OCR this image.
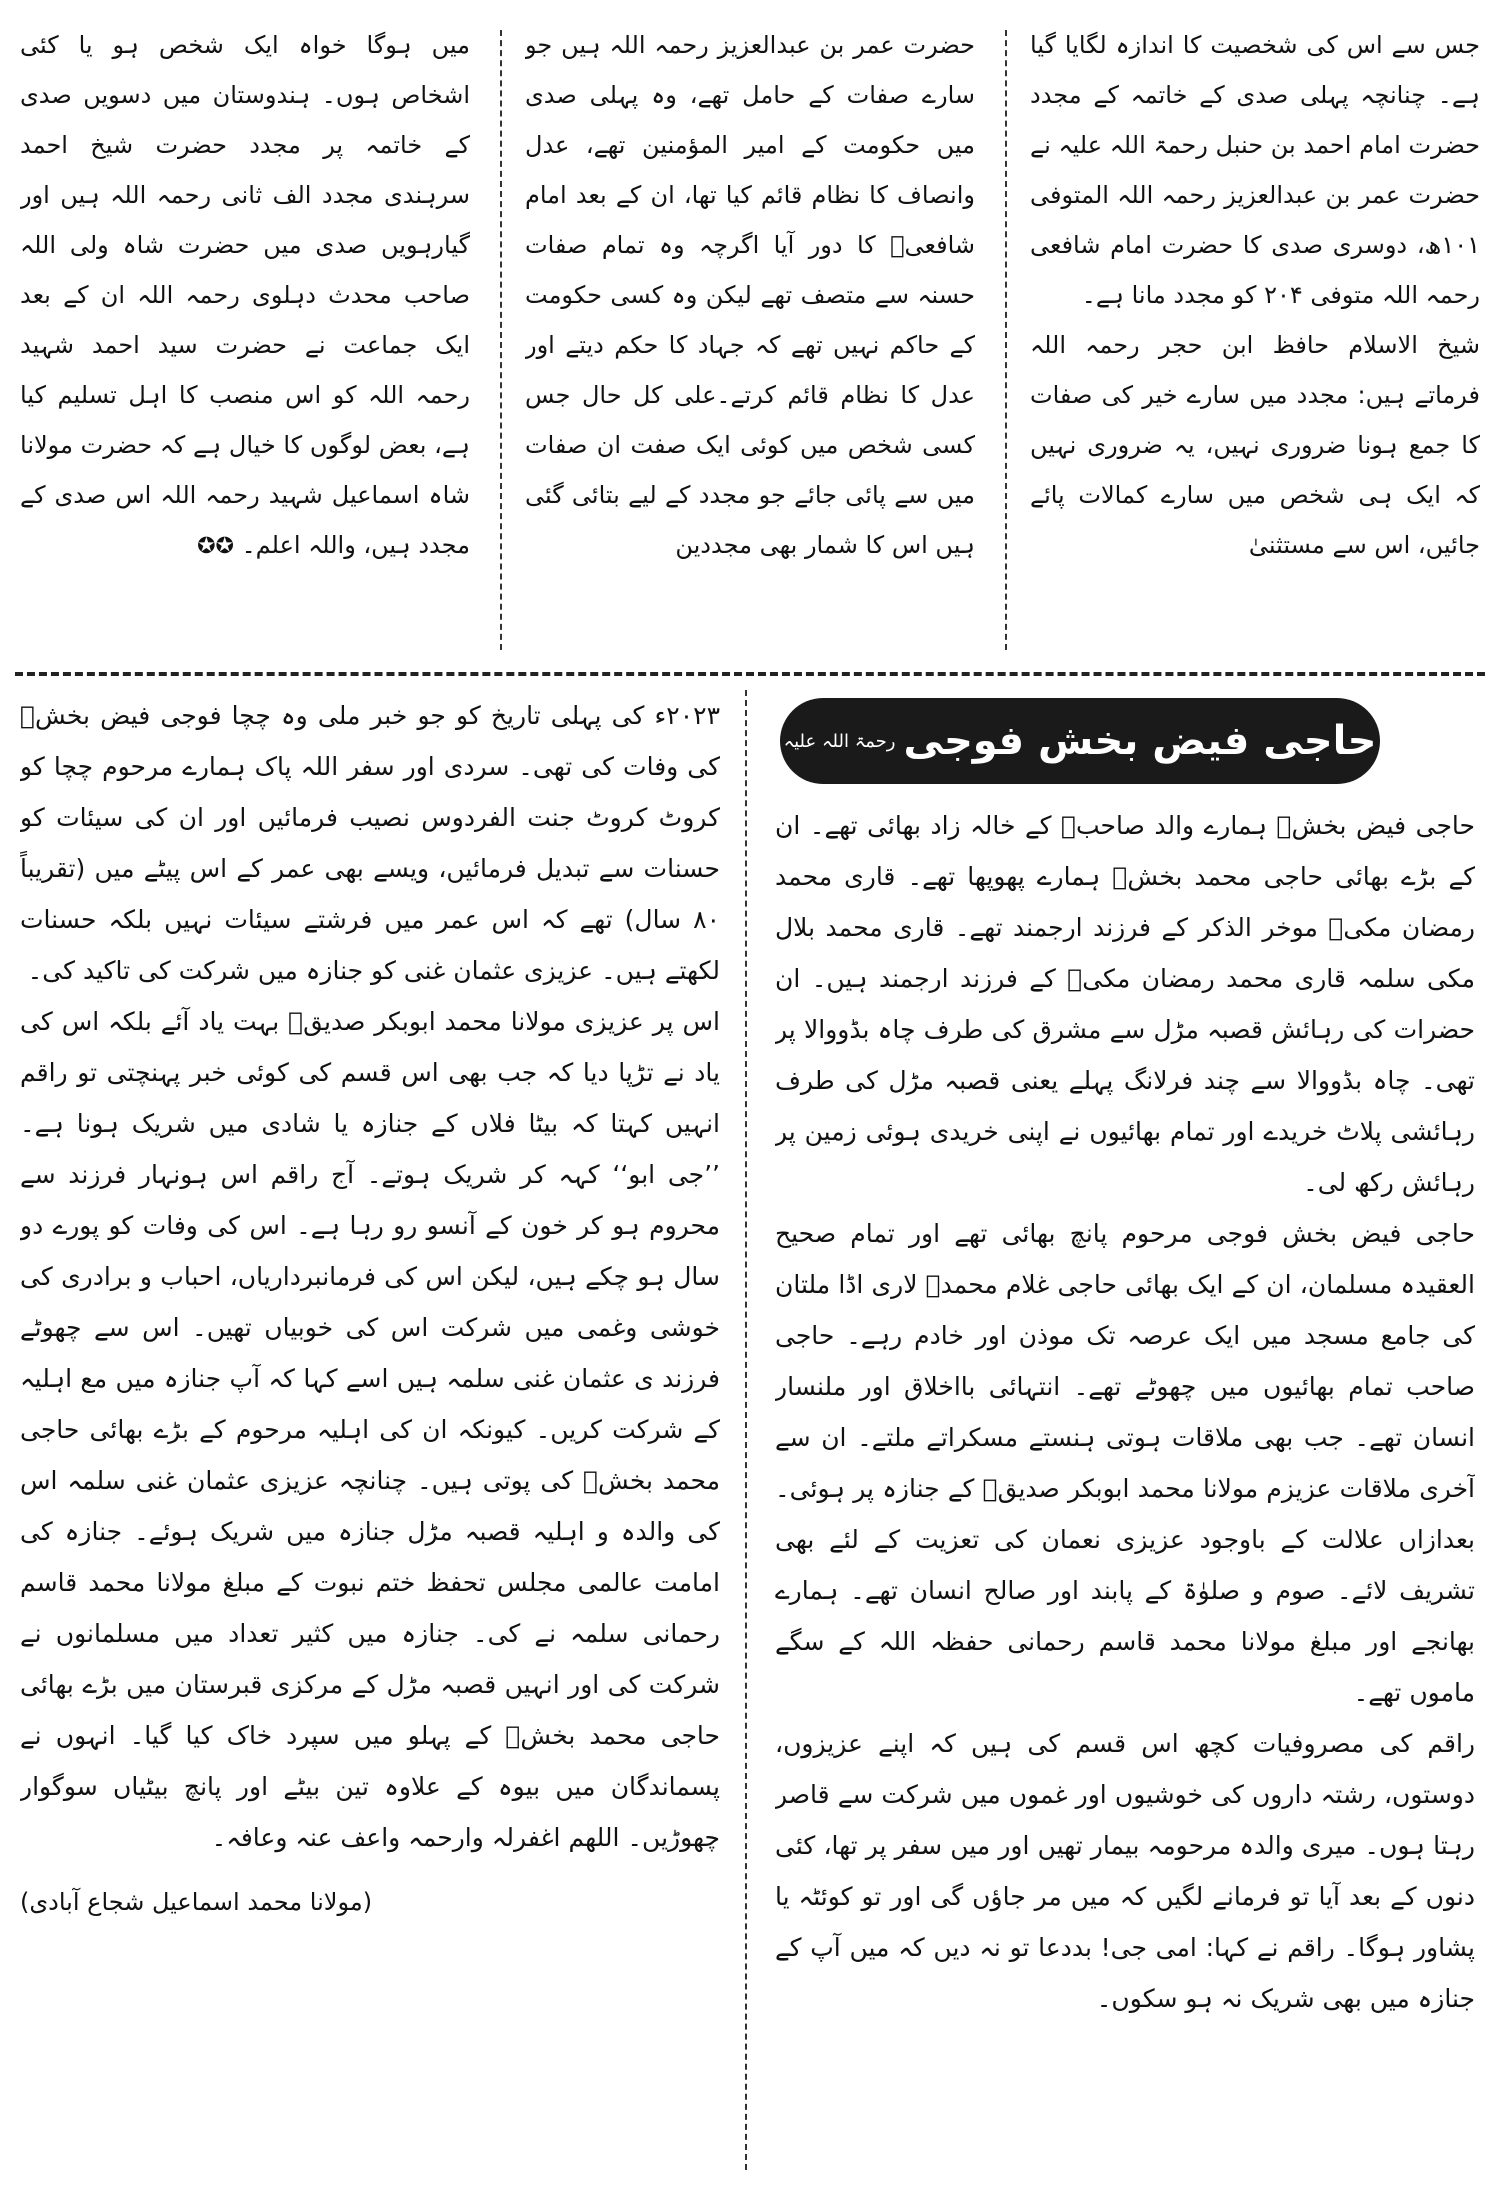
جس سے اس کی شخصیت کا اندازہ لگایا گیا ہے۔ چنانچہ پہلی صدی کے خاتمہ کے مجدد حضرت امام احمد بن حنبل رحمۃ اللہ علیہ نے حضرت عمر بن عبدالعزیز رحمہ اللہ المتوفی ۱۰۱ھ، دوسری صدی کا حضرت امام شافعی رحمہ اللہ متوفی ۲۰۴ کو مجدد مانا ہے۔

شیخ الاسلام حافظ ابن حجر رحمہ اللہ فرماتے ہیں: مجدد میں سارے خیر کی صفات کا جمع ہونا ضروری نہیں، یہ ضروری نہیں کہ ایک ہی شخص میں سارے کمالات پائے جائیں، اس سے مستثنیٰ

حضرت عمر بن عبدالعزیز رحمہ اللہ ہیں جو سارے صفات کے حامل تھے، وہ پہلی صدی میں حکومت کے امیر المؤمنین تھے، عدل وانصاف کا نظام قائم کیا تھا، ان کے بعد امام شافعیؒ کا دور آیا اگرچہ وہ تمام صفات حسنہ سے متصف تھے لیکن وہ کسی حکومت کے حاکم نہیں تھے کہ جہاد کا حکم دیتے اور عدل کا نظام قائم کرتے۔علی کل حال جس کسی شخص میں کوئی ایک صفت ان صفات میں سے پائی جائے جو مجدد کے لیے بتائی گئی ہیں اس کا شمار بھی مجددین

میں ہوگا خواہ ایک شخص ہو یا کئی اشخاص ہوں۔ ہندوستان میں دسویں صدی کے خاتمہ پر مجدد حضرت شیخ احمد سرہندی مجدد الف ثانی رحمہ اللہ ہیں اور گیارہویں صدی میں حضرت شاہ ولی اللہ صاحب محدث دہلوی رحمہ اللہ ان کے بعد ایک جماعت نے حضرت سید احمد شہید رحمہ اللہ کو اس منصب کا اہل تسلیم کیا ہے، بعض لوگوں کا خیال ہے کہ حضرت مولانا شاہ اسماعیل شہید رحمہ اللہ اس صدی کے مجدد ہیں، واللہ اعلم۔ ✪✪

حاجی فیض بخش فوجی
رحمۃ اللہ علیہ

حاجی فیض بخشؒ ہمارے والد صاحبؒ کے خالہ زاد بھائی تھے۔ ان کے بڑے بھائی حاجی محمد بخشؒ ہمارے پھوپھا تھے۔ قاری محمد رمضان مکیؒ موخر الذکر کے فرزند ارجمند تھے۔ قاری محمد بلال مکی سلمہ قاری محمد رمضان مکیؒ کے فرزند ارجمند ہیں۔ ان حضرات کی رہائش قصبہ مڑل سے مشرق کی طرف چاہ بڈووالا پر تھی۔ چاہ بڈووالا سے چند فرلانگ پہلے یعنی قصبہ مڑل کی طرف رہائشی پلاٹ خریدے اور تمام بھائیوں نے اپنی خریدی ہوئی زمین پر رہائش رکھ لی۔

حاجی فیض بخش فوجی مرحوم پانچ بھائی تھے اور تمام صحیح العقیدہ مسلمان، ان کے ایک بھائی حاجی غلام محمدؒ لاری اڈا ملتان کی جامع مسجد میں ایک عرصہ تک موذن اور خادم رہے۔ حاجی صاحب تمام بھائیوں میں چھوٹے تھے۔ انتہائی بااخلاق اور ملنسار انسان تھے۔ جب بھی ملاقات ہوتی ہنستے مسکراتے ملتے۔ ان سے آخری ملاقات عزیزم مولانا محمد ابوبکر صدیقؒ کے جنازہ پر ہوئی۔ بعدازاں علالت کے باوجود عزیزی نعمان کی تعزیت کے لئے بھی تشریف لائے۔ صوم و صلوٰۃ کے پابند اور صالح انسان تھے۔ ہمارے بھانجے اور مبلغ مولانا محمد قاسم رحمانی حفظہ اللہ کے سگے ماموں تھے۔

راقم کی مصروفیات کچھ اس قسم کی ہیں کہ اپنے عزیزوں، دوستوں، رشتہ داروں کی خوشیوں اور غموں میں شرکت سے قاصر رہتا ہوں۔ میری والدہ مرحومہ بیمار تھیں اور میں سفر پر تھا، کئی دنوں کے بعد آیا تو فرمانے لگیں کہ میں مر جاؤں گی اور تو کوئٹہ یا پشاور ہوگا۔ راقم نے کہا: امی جی! بددعا تو نہ دیں کہ میں آپ کے جنازہ میں بھی شریک نہ ہو سکوں۔

۲۰۲۳ء کی پہلی تاریخ کو جو خبر ملی وہ چچا فوجی فیض بخشؒ کی وفات کی تھی۔ سردی اور سفر اللہ پاک ہمارے مرحوم چچا کو کروٹ کروٹ جنت الفردوس نصیب فرمائیں اور ان کی سیئات کو حسنات سے تبدیل فرمائیں، ویسے بھی عمر کے اس پیٹے میں (تقریباً ۸۰ سال) تھے کہ اس عمر میں فرشتے سیئات نہیں بلکہ حسنات لکھتے ہیں۔ عزیزی عثمان غنی کو جنازہ میں شرکت کی تاکید کی۔

اس پر عزیزی مولانا محمد ابوبکر صدیقؒ بہت یاد آئے بلکہ اس کی یاد نے تڑپا دیا کہ جب بھی اس قسم کی کوئی خبر پہنچتی تو راقم انہیں کہتا کہ بیٹا فلاں کے جنازہ یا شادی میں شریک ہونا ہے۔ ’’جی ابو‘‘ کہہ کر شریک ہوتے۔ آج راقم اس ہونہار فرزند سے محروم ہو کر خون کے آنسو رو رہا ہے۔ اس کی وفات کو پورے دو سال ہو چکے ہیں، لیکن اس کی فرمانبرداریاں، احباب و برادری کی خوشی وغمی میں شرکت اس کی خوبیاں تھیں۔ اس سے چھوٹے فرزند ی عثمان غنی سلمہ ہیں اسے کہا کہ آپ جنازہ میں مع اہلیہ کے شرکت کریں۔ کیونکہ ان کی اہلیہ مرحوم کے بڑے بھائی حاجی محمد بخشؒ کی پوتی ہیں۔ چنانچہ عزیزی عثمان غنی سلمہ اس کی والدہ و اہلیہ قصبہ مڑل جنازہ میں شریک ہوئے۔ جنازہ کی امامت عالمی مجلس تحفظ ختم نبوت کے مبلغ مولانا محمد قاسم رحمانی سلمہ نے کی۔ جنازہ میں کثیر تعداد میں مسلمانوں نے شرکت کی اور انہیں قصبہ مڑل کے مرکزی قبرستان میں بڑے بھائی حاجی محمد بخشؒ کے پہلو میں سپرد خاک کیا گیا۔ انہوں نے پسماندگان میں بیوہ کے علاوہ تین بیٹے اور پانچ بیٹیاں سوگوار چھوڑیں۔ اللھم اغفرلہ وارحمہ واعف عنہ وعافہ۔

(مولانا محمد اسماعیل شجاع آبادی)
